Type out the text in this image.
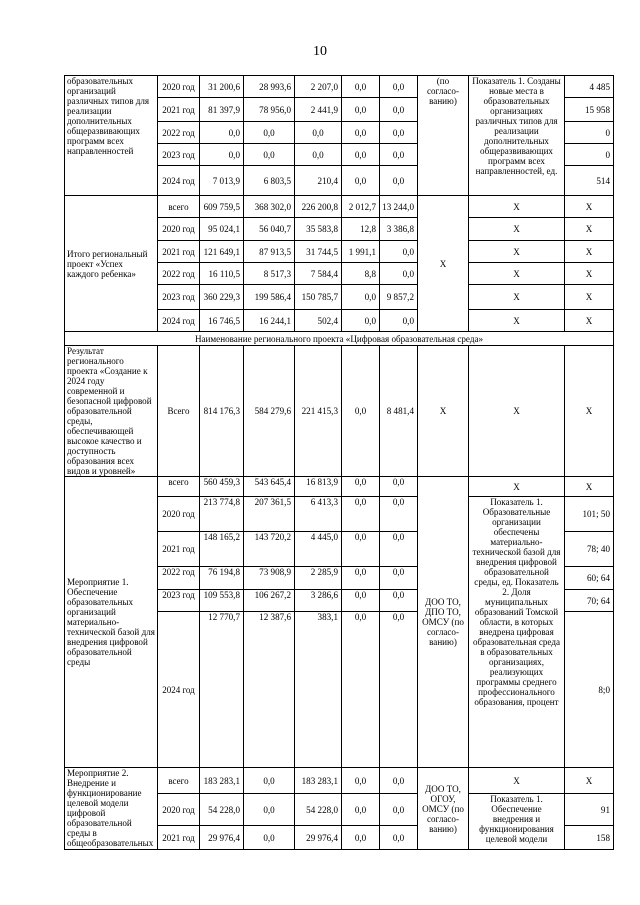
10
образовательных организаций различных типов для реализации дополнительных общеразвивающих программ всех направленностей	2020 год	31 200,6	28 993,6	2 207,0	0,0	0,0	(по согласо-ванию)	Показатель 1. Созданы новые места в образовательных организациях различных типов для реализации дополнительных общеразвивающих программ всех направленностей, ед.	4 485
	2021 год	81 397,9	78 956,0	2 441,9	0,0	0,0			15 958
	2022 год	0,0	0,0	0,0	0,0	0,0			0
	2023 год	0,0	0,0	0,0	0,0	0,0			0
	2024 год	7 013,9	6 803,5	210,4	0,0	0,0			514
Итого региональный проект «Успех каждого ребенка»	всего	609 759,5	368 302,0	226 200,8	2 012,7	13 244,0	X	X	X
	2020 год	95 024,1	56 040,7	35 583,8	12,8	3 386,8		X	X
	2021 год	121 649,1	87 913,5	31 744,5	1 991,1	0,0		X	X
	2022 год	16 110,5	8 517,3	7 584,4	8,8	0,0		X	X
	2023 год	360 229,3	199 586,4	150 785,7	0,0	9 857,2		X	X
	2024 год	16 746,5	16 244,1	502,4	0,0	0,0		X	X
Наименование регионального проекта «Цифровая образовательная среда»									
Результат регионального проекта «Создание к 2024 году современной и безопасной цифровой образовательной среды, обеспечивающей высокое качество и доступность образования всех видов и уровней»	Всего	814 176,3	584 279,6	221 415,3	0,0	8 481,4	X	X	X
Мероприятие 1. Обеспечение образовательных организаций материально-технической базой для внедрения цифровой образовательной среды	всего	560 459,3	543 645,4	16 813,9	0,0	0,0	ДОО ТО, ДПО ТО, ОМСУ (по согласо-ванию)	X	X
	2020 год	213 774,8	207 361,5	6 413,3	0,0	0,0		Показатель 1. Образовательные организации обеспечены материально-технической базой для внедрения цифровой образовательной среды, ед. Показатель 2. Доля муниципальных образований Томской области, в которых внедрена цифровая образовательная среда в образовательных организациях, реализующих программы среднего профессионального образования, процент	101; 50
	2021 год	148 165,2	143 720,2	4 445,0	0,0	0,0			78; 40
	2022 год	76 194,8	73 908,9	2 285,9	0,0	0,0			60; 64
	2023 год	109 553,8	106 267,2	3 286,6	0,0	0,0			70; 64
	2024 год	12 770,7	12 387,6	383,1	0,0	0,0			8;0
Мероприятие 2. Внедрение и функционирование целевой модели цифровой образовательной среды в общеобразовательных	всего	183 283,1	0,0	183 283,1	0,0	0,0	ДОО ТО, ОГОУ, ОМСУ (по согласо-ванию)	X	X
	2020 год	54 228,0	0,0	54 228,0	0,0	0,0		Показатель 1. Обеспечение внедрения и функционирования целевой модели	91
	2021 год	29 976,4	0,0	29 976,4	0,0	0,0			158
